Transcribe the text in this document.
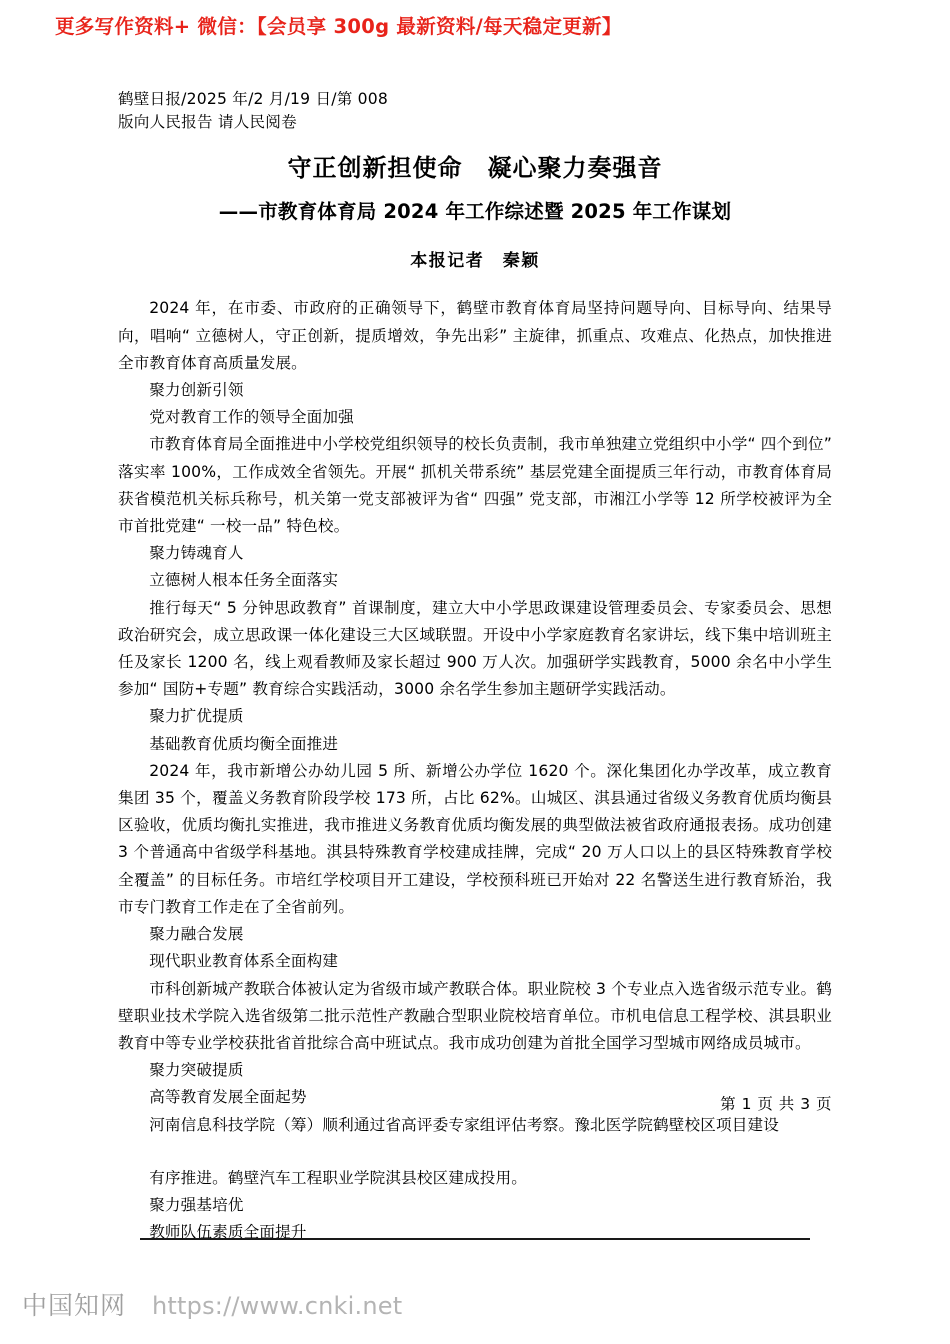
更多写作资料+ 微信：【会员享 300g 最新资料/每天稳定更新】
鹤壁日报/2025 年/2 月/19 日/第 008
版向人民报告 请人民阅卷
守正创新担使命　凝心聚力奏强音
——市教育体育局 2024 年工作综述暨 2025 年工作谋划
本报记者　秦颖

2024 年，在市委、市政府的正确领导下，鹤壁市教育体育局坚持问题导向、目标导向、结果导向，唱响“ 立德树人，守正创新，提质增效，争先出彩” 主旋律，抓重点、攻难点、化热点，加快推进全市教育体育高质量发展。

聚力创新引领

党对教育工作的领导全面加强

市教育体育局全面推进中小学校党组织领导的校长负责制，我市单独建立党组织中小学“ 四个到位” 落实率 100%，工作成效全省领先。开展“ 抓机关带系统” 基层党建全面提质三年行动，市教育体育局获省模范机关标兵称号，机关第一党支部被评为省“ 四强” 党支部，市湘江小学等 12 所学校被评为全市首批党建“ 一校一品” 特色校。

聚力铸魂育人

立德树人根本任务全面落实

推行每天“ 5 分钟思政教育” 首课制度，建立大中小学思政课建设管理委员会、专家委员会、思想政治研究会，成立思政课一体化建设三大区域联盟。开设中小学家庭教育名家讲坛，线下集中培训班主任及家长 1200 名，线上观看教师及家长超过 900 万人次。加强研学实践教育，5000 余名中小学生参加“ 国防+专题” 教育综合实践活动，3000 余名学生参加主题研学实践活动。

聚力扩优提质

基础教育优质均衡全面推进

2024 年，我市新增公办幼儿园 5 所、新增公办学位 1620 个。深化集团化办学改革，成立教育集团 35 个，覆盖义务教育阶段学校 173 所，占比 62%。山城区、淇县通过省级义务教育优质均衡县区验收，优质均衡扎实推进，我市推进义务教育优质均衡发展的典型做法被省政府通报表扬。成功创建 3 个普通高中省级学科基地。淇县特殊教育学校建成挂牌，完成“ 20 万人口以上的县区特殊教育学校全覆盖” 的目标任务。市培红学校项目开工建设，学校预科班已开始对 22 名警送生进行教育矫治，我市专门教育工作走在了全省前列。

聚力融合发展

现代职业教育体系全面构建

市科创新城产教联合体被认定为省级市域产教联合体。职业院校 3 个专业点入选省级示范专业。鹤壁职业技术学院入选省级第二批示范性产教融合型职业院校培育单位。市机电信息工程学校、淇县职业教育中等专业学校获批省首批综合高中班试点。我市成功创建为首批全国学习型城市网络成员城市。

聚力突破提质

高等教育发展全面起势

河南信息科技学院（筹）顺利通过省高评委专家组评估考察。豫北医学院鹤壁校区项目建设

有序推进。鹤壁汽车工程职业学院淇县校区建成投用。

聚力强基培优

教师队伍素质全面提升

第 1 页 共 3 页
中国知网 https://www.cnki.net
